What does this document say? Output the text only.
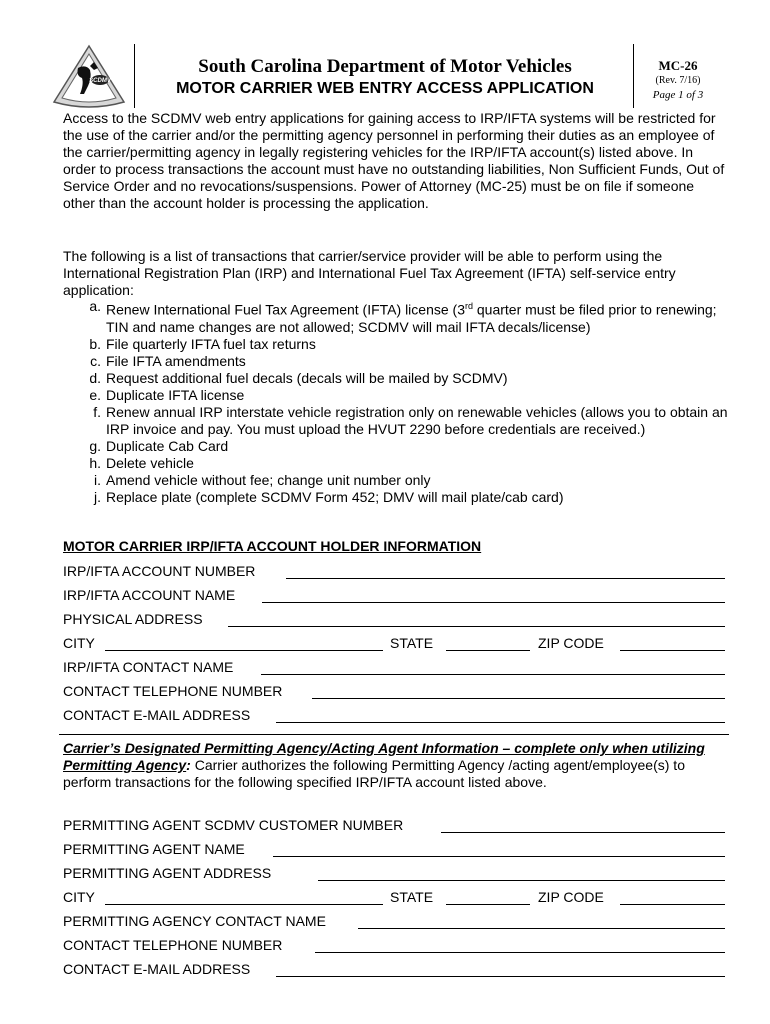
SCDMV
South Carolina Department of Motor Vehicles
MOTOR CARRIER WEB ENTRY ACCESS APPLICATION
MC-26
(Rev. 7/16)
Page 1 of 3

Access to the SCDMV web entry applications for gaining access to IRP/IFTA systems will be restricted for the use of the carrier and/or the permitting agency personnel in performing their duties as an employee of the carrier/permitting agency in legally registering vehicles for the IRP/IFTA account(s) listed above. In order to process transactions the account must have no outstanding liabilities, Non Sufficient Funds, Out of Service Order and no revocations/suspensions. Power of Attorney (MC-25) must be on file if someone other than the account holder is processing the application.

The following is a list of transactions that carrier/service provider will be able to perform using the International Registration Plan (IRP) and International Fuel Tax Agreement (IFTA) self-service entry application:

a. Renew International Fuel Tax Agreement (IFTA) license (3rd quarter must be filed prior to renewing; TIN and name changes are not allowed; SCDMV will mail IFTA decals/license)
b. File quarterly IFTA fuel tax returns
c. File IFTA amendments
d. Request additional fuel decals (decals will be mailed by SCDMV)
e. Duplicate IFTA license
f. Renew annual IRP interstate vehicle registration only on renewable vehicles (allows you to obtain an IRP invoice and pay. You must upload the HVUT 2290 before credentials are received.)
g. Duplicate Cab Card
h. Delete vehicle
i. Amend vehicle without fee; change unit number only
j. Replace plate (complete SCDMV Form 452; DMV will mail plate/cab card)
MOTOR CARRIER IRP/IFTA ACCOUNT HOLDER INFORMATION
IRP/IFTA ACCOUNT NUMBER
IRP/IFTA ACCOUNT NAME
PHYSICAL ADDRESS
CITY	STATE	ZIP CODE
IRP/IFTA CONTACT NAME
CONTACT TELEPHONE NUMBER
CONTACT E-MAIL ADDRESS
Carrier’s Designated Permitting Agency/Acting Agent Information – complete only when utilizing Permitting Agency: Carrier authorizes the following Permitting Agency /acting agent/employee(s) to perform transactions for the following specified IRP/IFTA account listed above.
PERMITTING AGENT SCDMV CUSTOMER NUMBER
PERMITTING AGENT NAME
PERMITTING AGENT ADDRESS
CITY	STATE	ZIP CODE
PERMITTING AGENCY CONTACT NAME
CONTACT TELEPHONE NUMBER
CONTACT E-MAIL ADDRESS
